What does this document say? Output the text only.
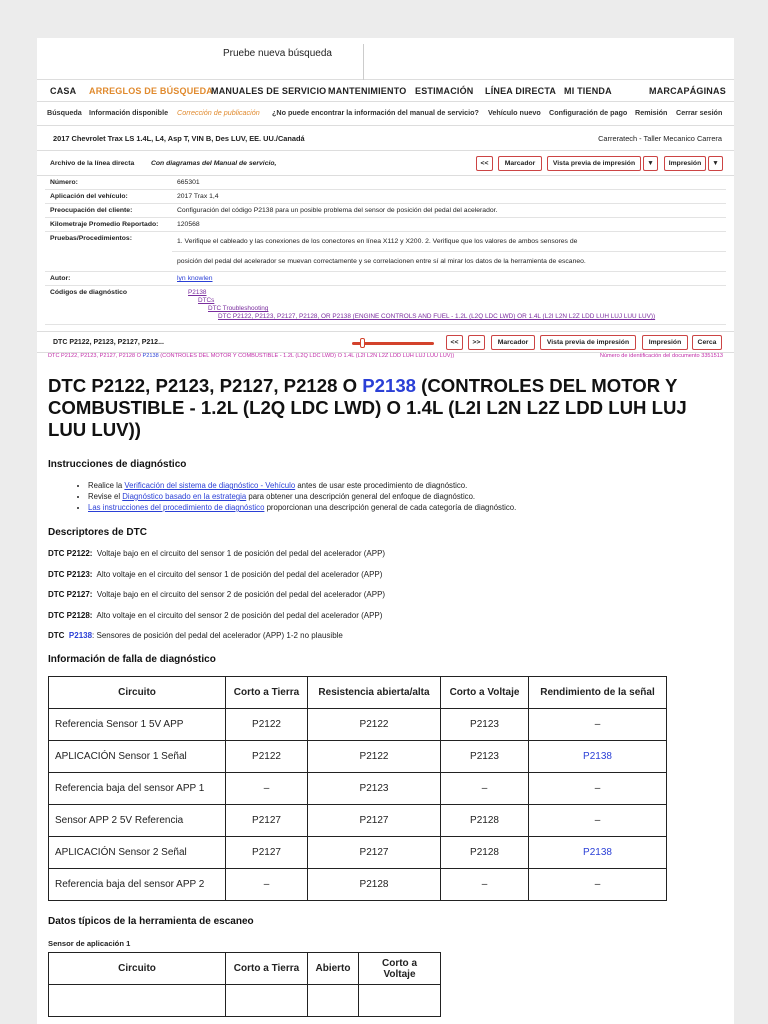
Pruebe nueva búsqueda
CASA ARREGLOS DE BÚSQUEDA
MANUALES DE SERVICIO MANTENIMIENTO ESTIMACIÓN LÍNEA DIRECTA MI TIENDA	MARCAPÁGINAS
Búsqueda Información disponible Corrección de publicación ¿No puede encontrar la información del manual de servicio? Vehículo nuevo Configuración de pago Remisión Cerrar sesión
2017 Chevrolet Trax LS 1.4L, L4, Asp T, VIN B, Des LUV, EE. UU./Canadá	Carreratech - Taller Mecanico Carrera
Archivo de la línea directa Con diagramas del Manual de servicio,	<<	Marcador	Vista previa de impresión	▼	Impresión	▼
Número:	665301
Aplicación del vehículo:	2017 Trax 1,4
Preocupación del cliente:	Configuración del código P2138 para un posible problema del sensor de posición del pedal del acelerador.
Kilometraje Promedio Reportado:	120568
Pruebas/Procedimientos:	1. Verifique el cableado y las conexiones de los conectores en línea X112 y X200. 2. Verifique que los valores de ambos sensores de
	posición del pedal del acelerador se muevan correctamente y se correlacionen entre sí al mirar los datos de la herramienta de escaneo.
Autor:	lyn knowlen
Códigos de diagnóstico	P2138
DTCs
DTC Troubleshooting
DTC P2122, P2123, P2127, P2128, OR P2138 (ENGINE CONTROLS AND FUEL - 1.2L (L2Q LDC LWD) OR 1.4L (L2I L2N L2Z LDD LUH LUJ LUU LUV))
DTC P2122, P2123, P2127, P212...	<<	>>	Marcador	Vista previa de impresión	Impresión	Cerca
DTC P2122, P2123, P2127, P2128 O P2138 (CONTROLES DEL MOTOR Y COMBUSTIBLE - 1.2L (L2Q LDC LWD) O 1.4L (L2I L2N L2Z LDD LUH LUJ LUU LUV))	Número de identificación del documento 3351513
DTC P2122, P2123, P2127, P2128 O P2138 (CONTROLES DEL MOTOR Y COMBUSTIBLE - 1.2L (L2Q LDC LWD) O 1.4L (L2I L2N L2Z LDD LUH LUJ LUU LUV))
Instrucciones de diagnóstico
• Realice la Verificación del sistema de diagnóstico - Vehículo antes de usar este procedimiento de diagnóstico.
• Revise el Diagnóstico basado en la estrategia para obtener una descripción general del enfoque de diagnóstico.
• Las instrucciones del procedimiento de diagnóstico proporcionan una descripción general de cada categoría de diagnóstico.
Descriptores de DTC
DTC P2122: Voltaje bajo en el circuito del sensor 1 de posición del pedal del acelerador (APP)
DTC P2123: Alto voltaje en el circuito del sensor 1 de posición del pedal del acelerador (APP)
DTC P2127: Voltaje bajo en el circuito del sensor 2 de posición del pedal del acelerador (APP)
DTC P2128: Alto voltaje en el circuito del sensor 2 de posición del pedal del acelerador (APP)
DTC P2138: Sensores de posición del pedal del acelerador (APP) 1-2 no plausible
Información de falla de diagnóstico
Circuito	Corto a Tierra	Resistencia abierta/alta	Corto a Voltaje	Rendimiento de la señal
Referencia Sensor 1 5V APP	P2122	P2122	P2123	–
APLICACIÓN Sensor 1 Señal	P2122	P2122	P2123	P2138
Referencia baja del sensor APP 1	–	P2123	–	–
Sensor APP 2 5V Referencia	P2127	P2127	P2128	–
APLICACIÓN Sensor 2 Señal	P2127	P2127	P2128	P2138
Referencia baja del sensor APP 2	–	P2128	–	–
Datos típicos de la herramienta de escaneo
Sensor de aplicación 1
Circuito	Corto a Tierra	Abierto	Corto a Voltaje
